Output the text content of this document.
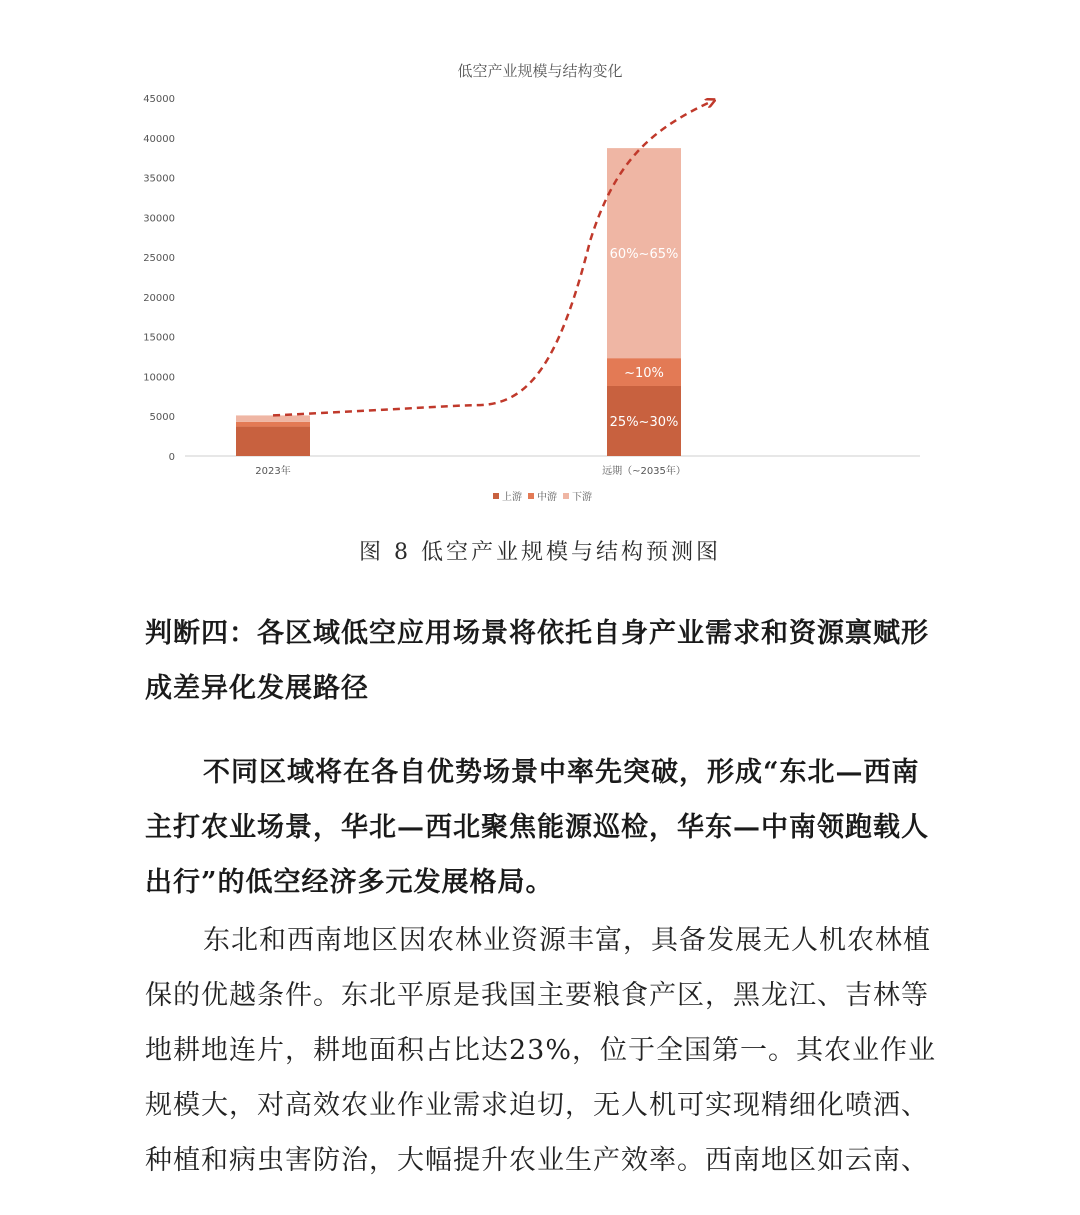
低空产业规模与结构变化
0
5000
10000
15000
20000
25000
30000
35000
40000
45000
2023年
25%~30%
~10%
60%~65%
远期（~2035年）
上游 中游 下游
图 8 低空产业规模与结构预测图
判断四：各区域低空应用场景将依托自身产业需求和资源禀赋形成差异化发展路径
不同区域将在各自优势场景中率先突破，形成“东北—西南主打农业场景，华北—西北聚焦能源巡检，华东—中南领跑载人出行”的低空经济多元发展格局。
东北和西南地区因农林业资源丰富，具备发展无人机农林植保的优越条件。东北平原是我国主要粮食产区，黑龙江、吉林等地耕地连片，耕地面积占比达23%，位于全国第一。其农业作业规模大，对高效农业作业需求迫切，无人机可实现精细化喷洒、种植和病虫害防治，大幅提升农业生产效率。西南地区如云南、
